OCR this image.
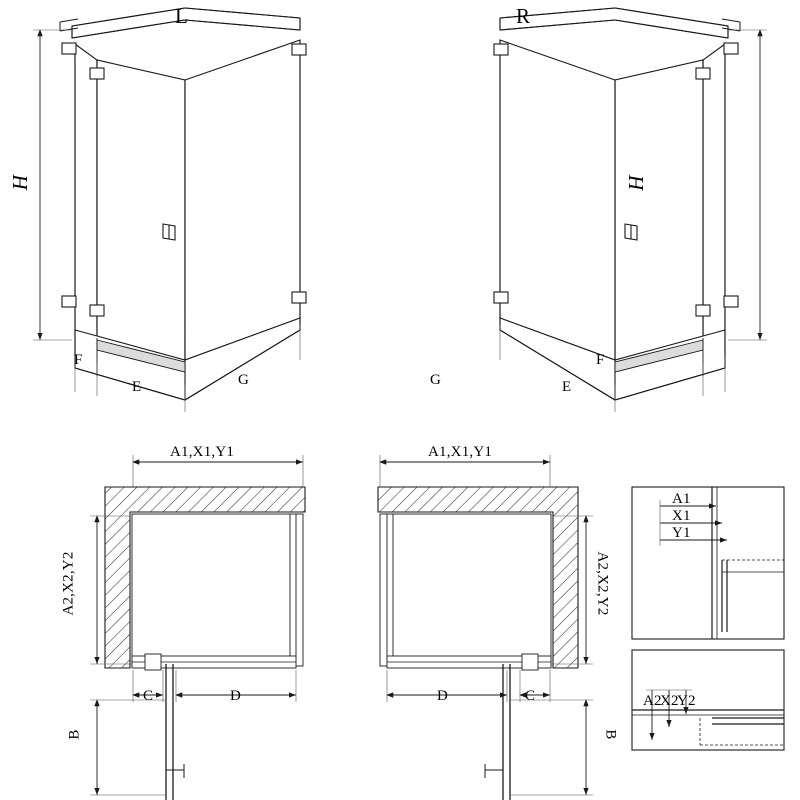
L
H
F
E	G
R
H
F
E
G
A1,X1,Y1
A2,X2,Y2
C	D
B
A1,X1,Y1
A2,X2,Y2
C
D
B
A1
X1
Y1
A2
X2
Y2
